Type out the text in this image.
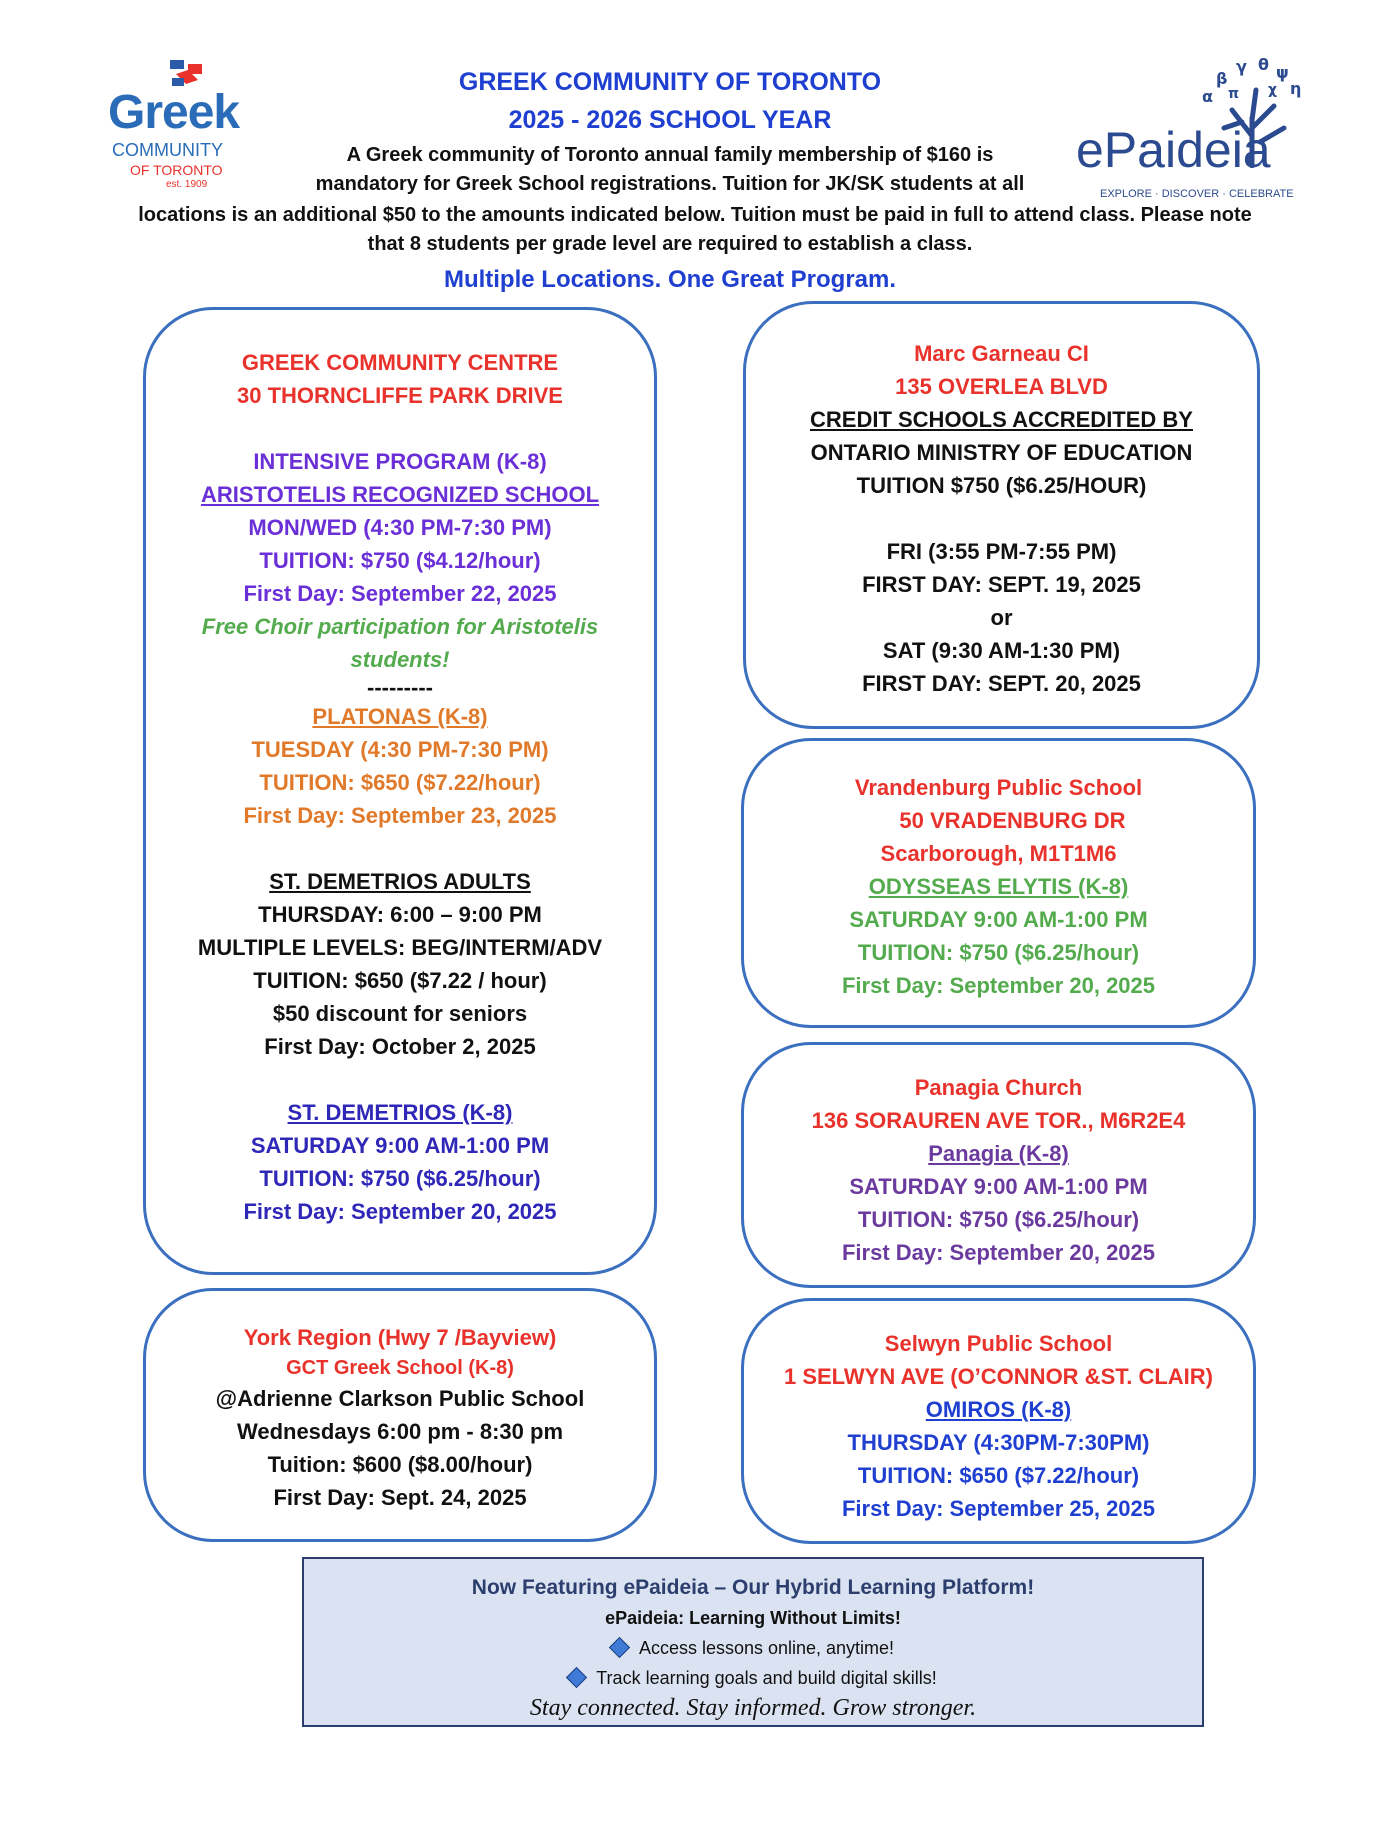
Greek
COMMUNITY
OF TORONTO
est. 1909
α
β
γ θ ψ
η
π χ
ePaideia
EXPLORE · DISCOVER · CELEBRATE
GREEK COMMUNITY OF TORONTO
2025 - 2026 SCHOOL YEAR
A Greek community of Toronto annual family membership of $160 is
mandatory for Greek School registrations. Tuition for JK/SK students at all
locations is an additional $50 to the amounts indicated below. Tuition must be paid in full to attend class. Please note
that 8 students per grade level are required to establish a class.
Multiple Locations. One Great Program.
GREEK COMMUNITY CENTRE
30 THORNCLIFFE PARK DRIVE
INTENSIVE PROGRAM (K-8)
ARISTOTELIS RECOGNIZED SCHOOL
MON/WED (4:30 PM-7:30 PM)
TUITION: $750 ($4.12/hour)
First Day: September 22, 2025
Free Choir participation for Aristotelis
students!
---------
PLATONAS (K-8)
TUESDAY (4:30 PM-7:30 PM)
TUITION: $650 ($7.22/hour)
First Day: September 23, 2025
ST. DEMETRIOS ADULTS
THURSDAY: 6:00 – 9:00 PM
MULTIPLE LEVELS: BEG/INTERM/ADV
TUITION: $650 ($7.22 / hour)
$50 discount for seniors
First Day: October 2, 2025
ST. DEMETRIOS (K-8)
SATURDAY 9:00 AM-1:00 PM
TUITION: $750 ($6.25/hour)
First Day: September 20, 2025
York Region (Hwy 7 /Bayview)
GCT Greek School (K-8)
@Adrienne Clarkson Public School
Wednesdays 6:00 pm - 8:30 pm
Tuition: $600 ($8.00/hour)
First Day: Sept. 24, 2025
Marc Garneau CI
135 OVERLEA BLVD
CREDIT SCHOOLS ACCREDITED BY
ONTARIO MINISTRY OF EDUCATION
TUITION $750 ($6.25/HOUR)
FRI (3:55 PM-7:55 PM)
FIRST DAY: SEPT. 19, 2025
or
SAT (9:30 AM-1:30 PM)
FIRST DAY: SEPT. 20, 2025
Vrandenburg Public School
50 VRADENBURG DR
Scarborough, M1T1M6
ODYSSEAS ELYTIS (K-8)
SATURDAY 9:00 AM-1:00 PM
TUITION: $750 ($6.25/hour)
First Day: September 20, 2025
Panagia Church
136 SORAUREN AVE TOR., M6R2E4
Panagia (K-8)
SATURDAY 9:00 AM-1:00 PM
TUITION: $750 ($6.25/hour)
First Day: September 20, 2025
Selwyn Public School
1 SELWYN AVE (O’CONNOR &ST. CLAIR)
OMIROS (K-8)
THURSDAY (4:30PM-7:30PM)
TUITION: $650 ($7.22/hour)
First Day: September 25, 2025
Now Featuring ePaideia – Our Hybrid Learning Platform!
ePaideia: Learning Without Limits!
Access lessons online, anytime!
Track learning goals and build digital skills!
Stay connected. Stay informed. Grow stronger.
